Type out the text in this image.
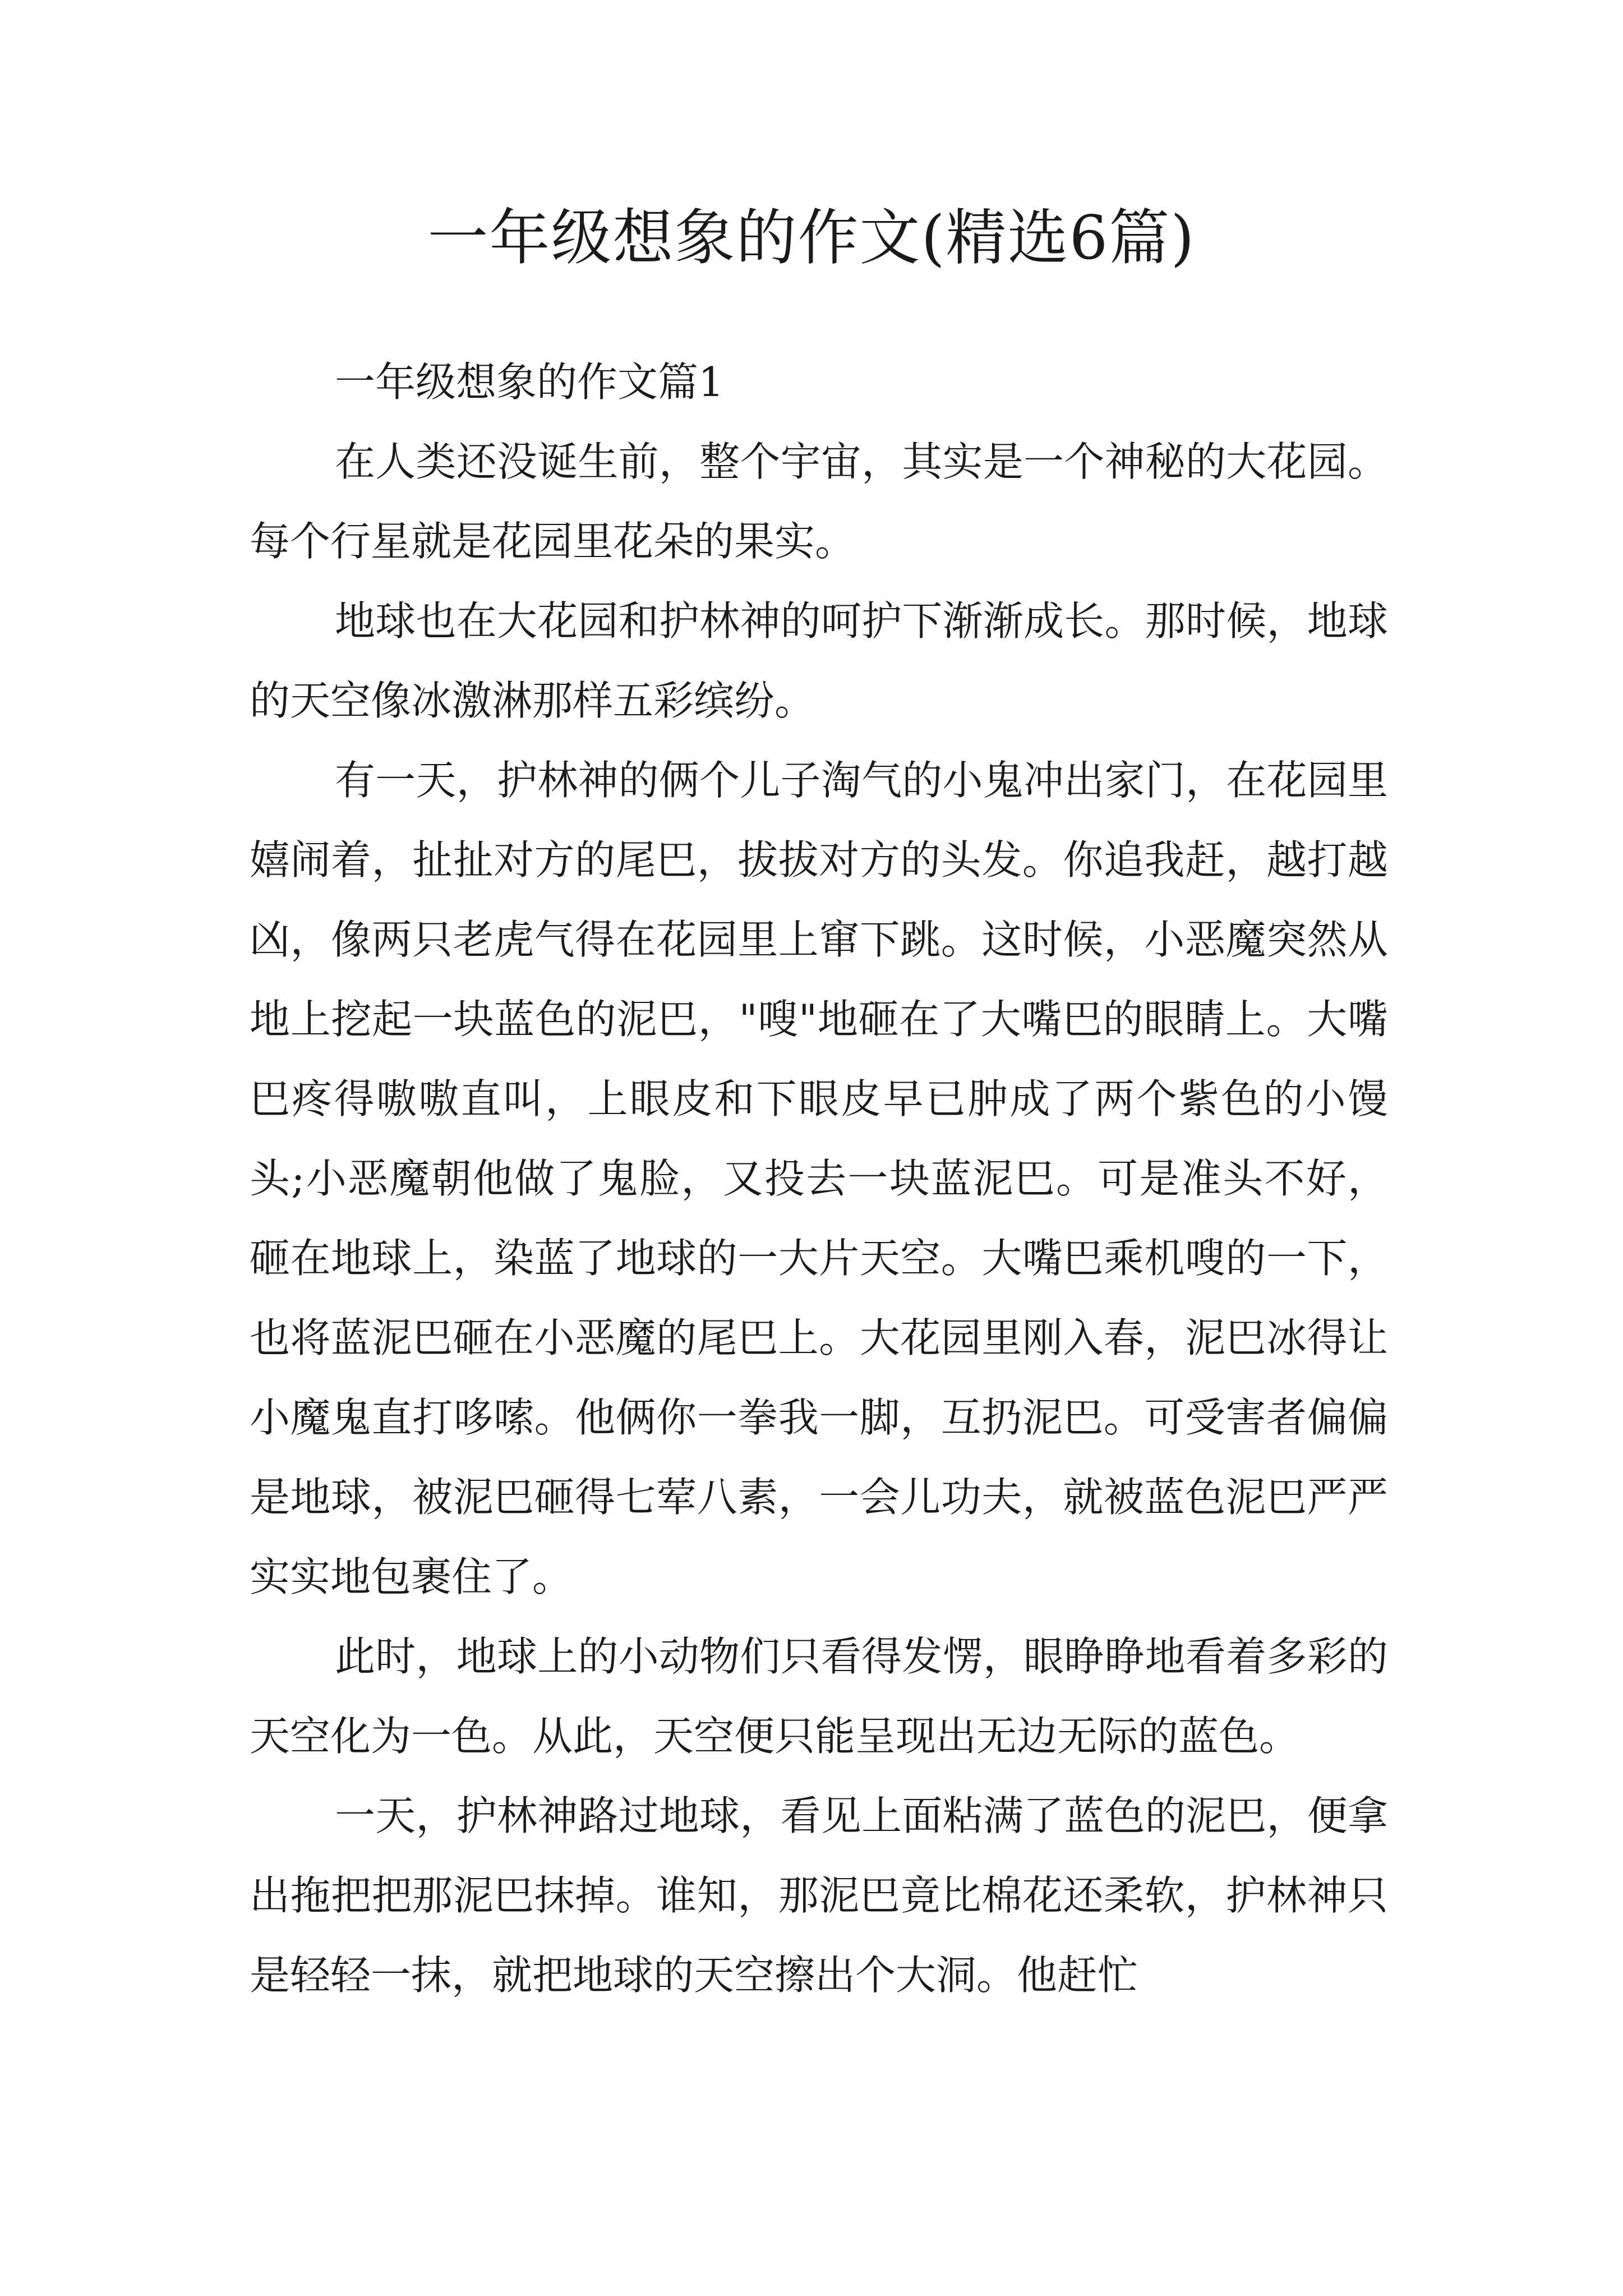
一年级想象的作文(精选6篇)
一年级想象的作文篇1

在人类还没诞生前，整个宇宙，其实是一个神秘的大花园。每个行星就是花园里花朵的果实。

地球也在大花园和护林神的呵护下渐渐成长。那时候，地球的天空像冰激淋那样五彩缤纷。

有一天，护林神的俩个儿子淘气的小鬼冲出家门，在花园里嬉闹着，扯扯对方的尾巴，拔拔对方的头发。你追我赶，越打越凶，像两只老虎气得在花园里上窜下跳。这时候，小恶魔突然从地上挖起一块蓝色的泥巴，"嗖"地砸在了大嘴巴的眼睛上。大嘴巴疼得嗷嗷直叫，上眼皮和下眼皮早已肿成了两个紫色的小馒头;小恶魔朝他做了鬼脸，又投去一块蓝泥巴。可是准头不好，砸在地球上，染蓝了地球的一大片天空。大嘴巴乘机嗖的一下，也将蓝泥巴砸在小恶魔的尾巴上。大花园里刚入春，泥巴冰得让小魔鬼直打哆嗦。他俩你一拳我一脚，互扔泥巴。可受害者偏偏是地球，被泥巴砸得七荤八素，一会儿功夫，就被蓝色泥巴严严实实地包裹住了。

此时，地球上的小动物们只看得发愣，眼睁睁地看着多彩的天空化为一色。从此，天空便只能呈现出无边无际的蓝色。

一天，护林神路过地球，看见上面粘满了蓝色的泥巴，便拿出拖把把那泥巴抹掉。谁知，那泥巴竟比棉花还柔软，护林神只是轻轻一抹，就把地球的天空擦出个大洞。他赶忙
